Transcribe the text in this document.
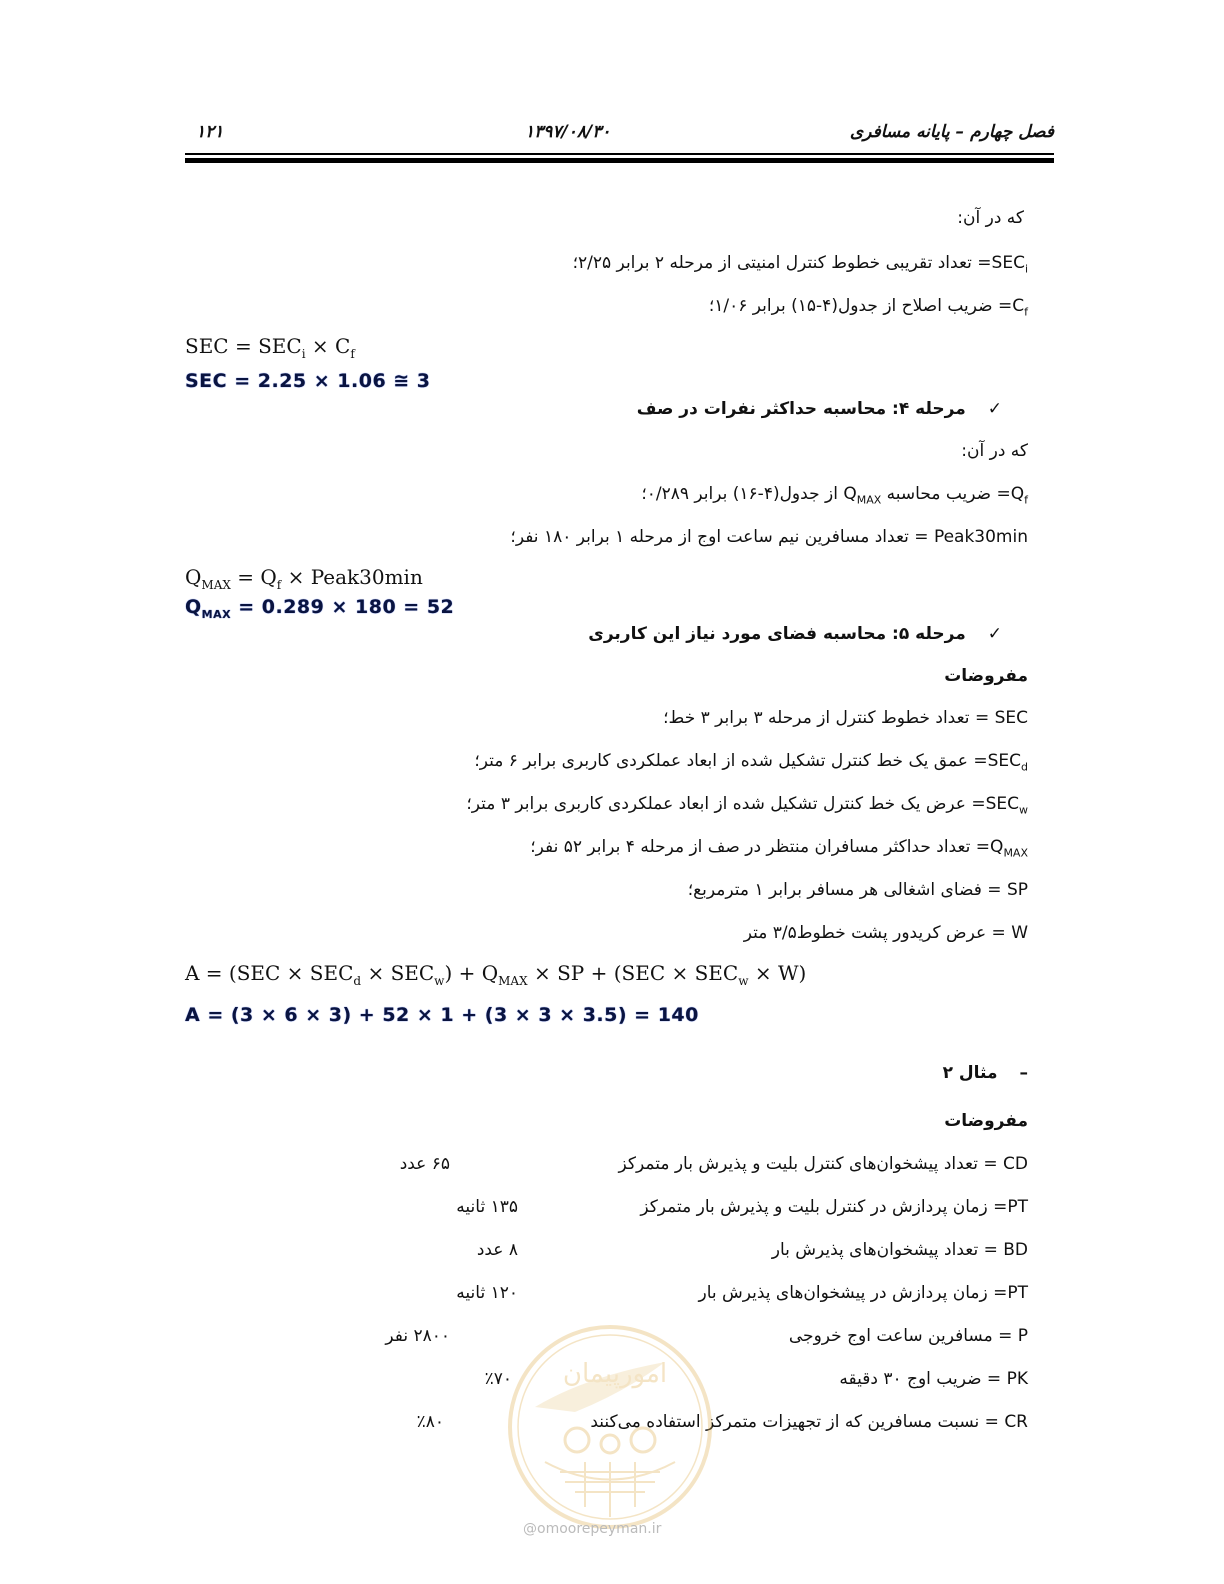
۱۲۱	۱۳۹۷/۰۸/۳۰	فصل چهارم – پایانه مسافری
که در آن:
$SEC_i=$ تعداد تقریبی خطوط کنترل امنیتی از مرحله ۲ برابر ۲/۲۵؛
$C_f=$ ضریب اصلاح از جدول(۴-۱۵) برابر ۱/۰۶؛
SEC = $SEC_i \times C_f$
SEC = 2.25 × 1.06 ≅ 3
✓مرحله ۴: محاسبه حداکثر نفرات در صف
که در آن:
$Q_f=$ ضریب محاسبه $Q_{MAX}$ از جدول(۴-۱۶) برابر ۰/۲۸۹؛
Peak30min = تعداد مسافرین نیم ساعت اوج از مرحله ۱ برابر ۱۸۰ نفر؛
$Q_{MAX} = Q_f$ × Peak30min
$Q_{MAX} = 0.289 \times 180 = 52$
✓مرحله ۵: محاسبه فضای مورد نیاز این کاربری
مفروضات
SEC = تعداد خطوط کنترل از مرحله ۳ برابر ۳ خط؛
$SEC_d=$ عمق یک خط کنترل تشکیل شده از ابعاد عملکردی کاربری برابر ۶ متر؛
$SEC_w=$ عرض یک خط کنترل تشکیل شده از ابعاد عملکردی کاربری برابر ۳ متر؛
$Q_{MAX}=$ تعداد حداکثر مسافران منتظر در صف از مرحله ۴ برابر ۵۲ نفر؛
SP = فضای اشغالی هر مسافر برابر ۱ مترمربع؛
W = عرض کریدور پشت خطوط۳/۵ متر
$A = (SEC \times SEC_d \times SEC_w) + Q_{MAX}$ × SP + $(SEC \times SEC_w \times W)$
A = (3 × 6 × 3) + 52 × 1 + (3 × 3 × 3.5) = 140
–مثال ۲
مفروضات
CD = تعداد پیشخوان‌های کنترل بلیت و پذیرش بار متمرکز
۶۵ عدد
PT= زمان پردازش در کنترل بلیت و پذیرش بار متمرکز
۱۳۵ ثانیه
BD = تعداد پیشخوان‌های پذیرش بار
۸ عدد
PT= زمان پردازش در پیشخوان‌های پذیرش بار
۱۲۰ ثانیه
P = مسافرین ساعت اوج خروجی
۲۸۰۰ نفر
PK = ضریب اوج ۳۰ دقیقه
٪۷۰
CR = نسبت مسافرین که از تجهیزات متمرکز استفاده می‌کنند
٪۸۰
امورپیمان
@omoorepeyman.ir
